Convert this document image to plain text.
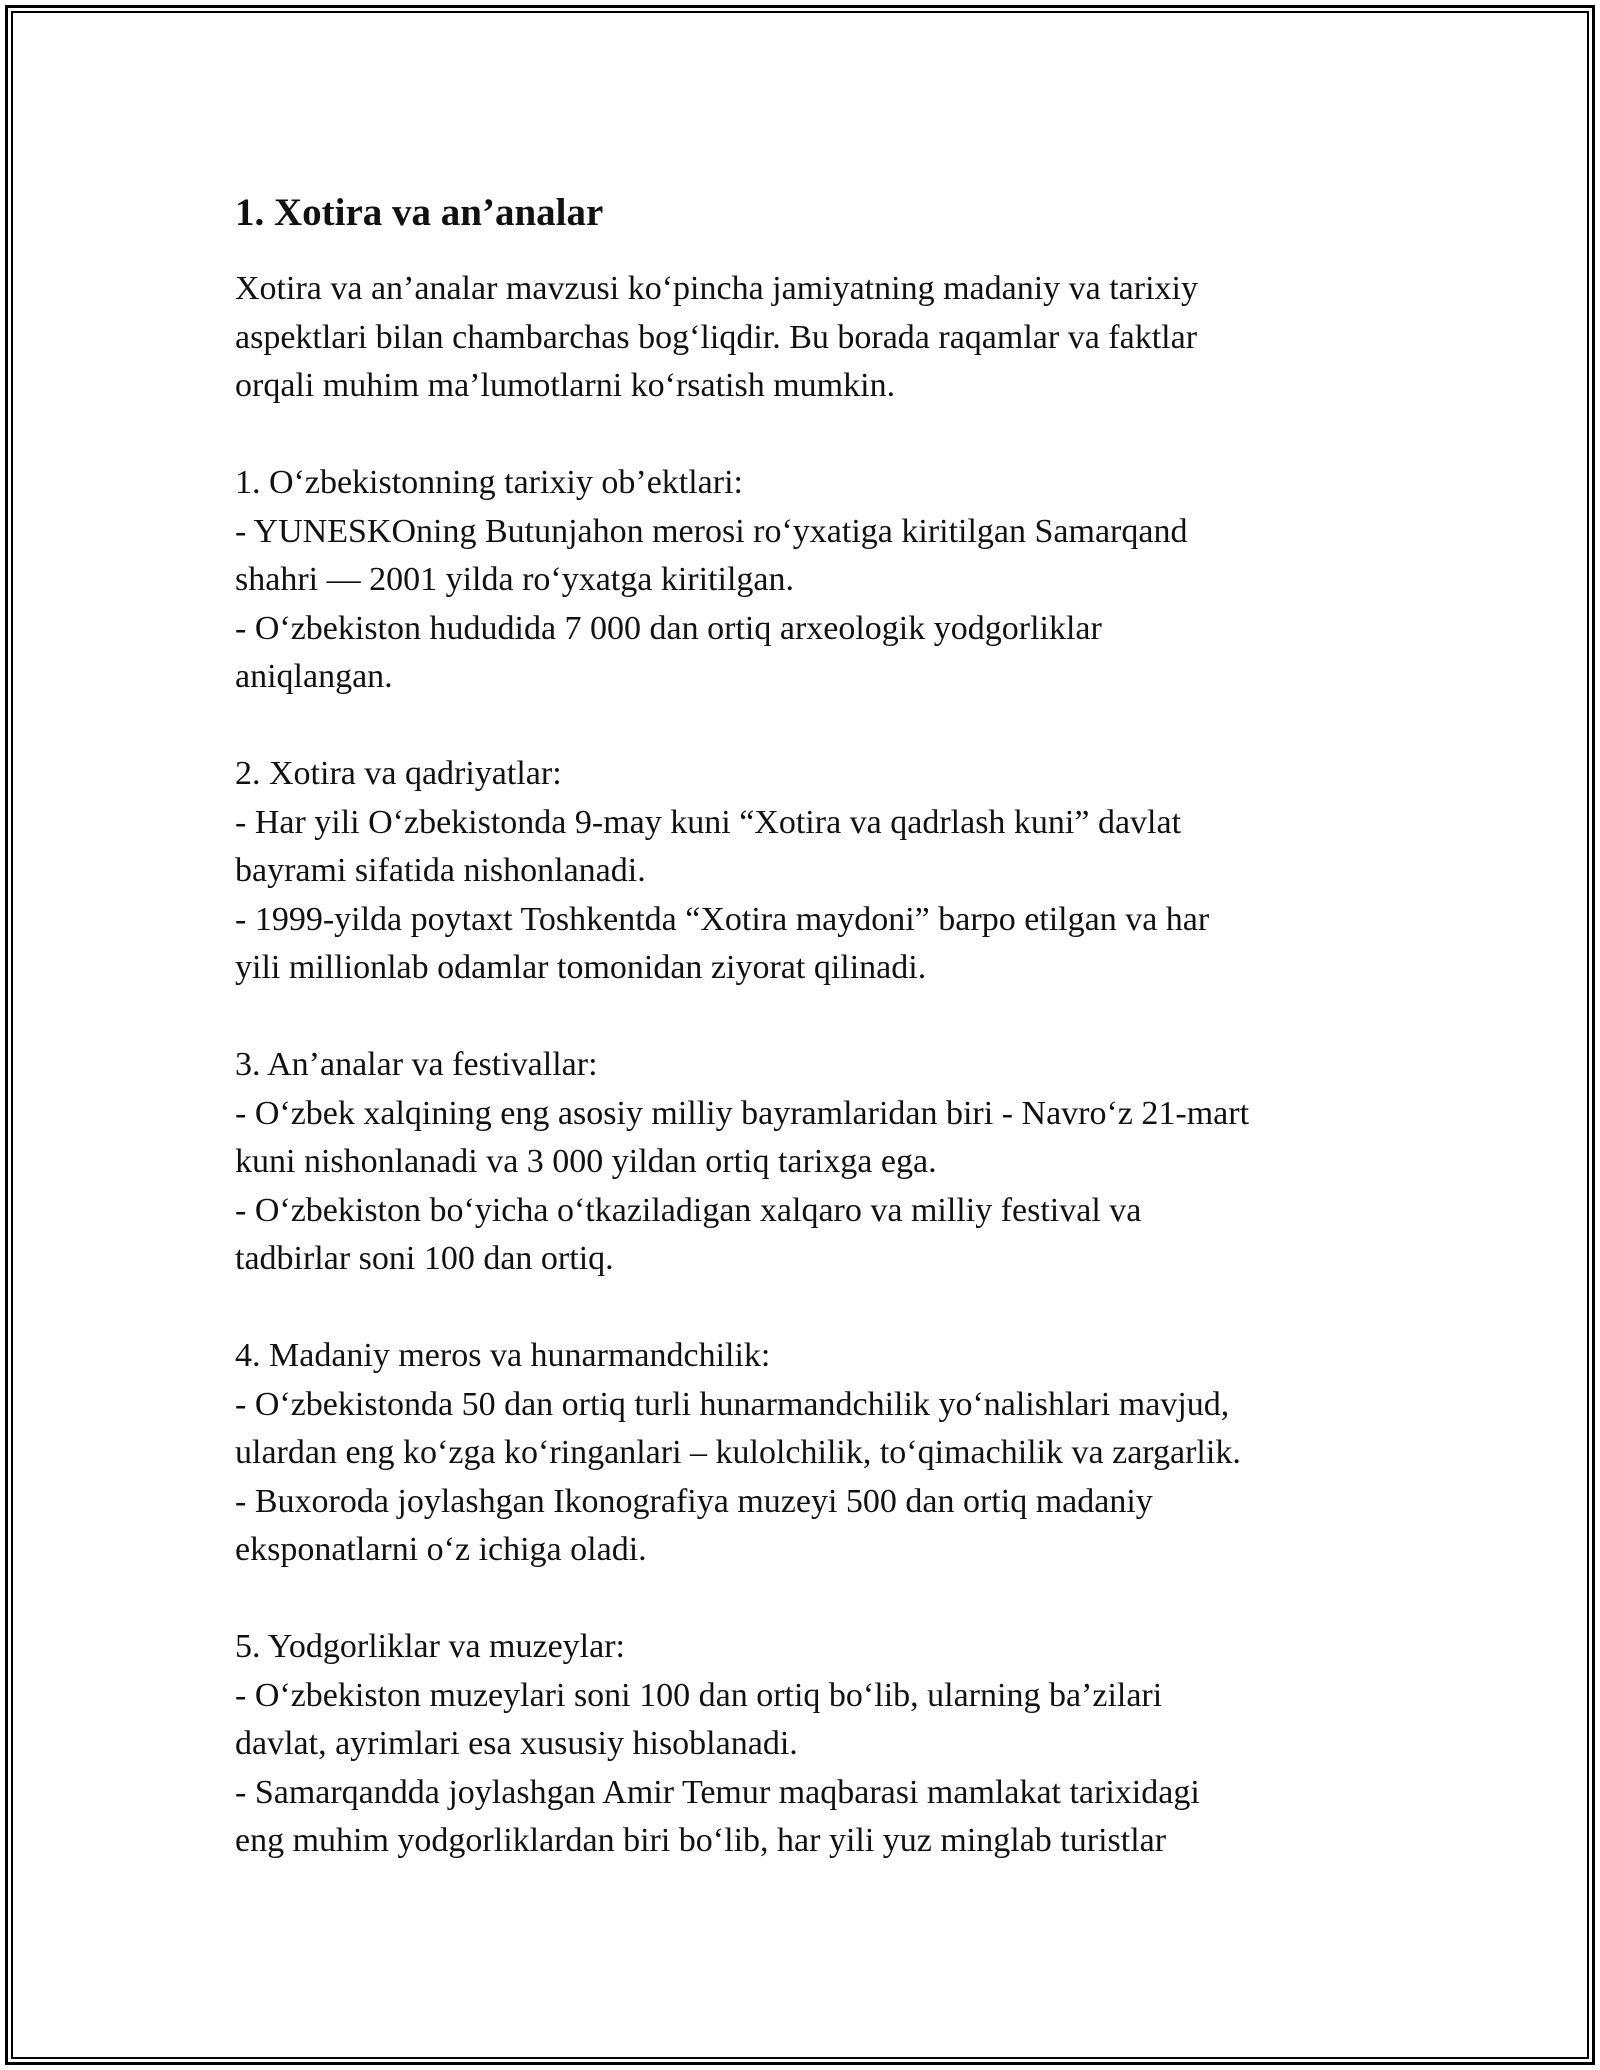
1. Xotira va an’analar

Xotira va an’analar mavzusi ko‘pincha jamiyatning madaniy va tarixiy
aspektlari bilan chambarchas bog‘liqdir. Bu borada raqamlar va faktlar
orqali muhim ma’lumotlarni ko‘rsatish mumkin.

1. O‘zbekistonning tarixiy ob’ektlari:
- YUNESKOning Butunjahon merosi ro‘yxatiga kiritilgan Samarqand
shahri — 2001 yilda ro‘yxatga kiritilgan.
- O‘zbekiston hududida 7 000 dan ortiq arxeologik yodgorliklar
aniqlangan.

2. Xotira va qadriyatlar:
- Har yili O‘zbekistonda 9-may kuni “Xotira va qadrlash kuni” davlat
bayrami sifatida nishonlanadi.
- 1999-yilda poytaxt Toshkentda “Xotira maydoni” barpo etilgan va har
yili millionlab odamlar tomonidan ziyorat qilinadi.

3. An’analar va festivallar:
- O‘zbek xalqining eng asosiy milliy bayramlaridan biri - Navro‘z 21-mart
kuni nishonlanadi va 3 000 yildan ortiq tarixga ega.
- O‘zbekiston bo‘yicha o‘tkaziladigan xalqaro va milliy festival va
tadbirlar soni 100 dan ortiq.

4. Madaniy meros va hunarmandchilik:
- O‘zbekistonda 50 dan ortiq turli hunarmandchilik yo‘nalishlari mavjud,
ulardan eng ko‘zga ko‘ringanlari – kulolchilik, to‘qimachilik va zargarlik.
- Buxoroda joylashgan Ikonografiya muzeyi 500 dan ortiq madaniy
eksponatlarni o‘z ichiga oladi.

5. Yodgorliklar va muzeylar:
- O‘zbekiston muzeylari soni 100 dan ortiq bo‘lib, ularning ba’zilari
davlat, ayrimlari esa xususiy hisoblanadi.
- Samarqandda joylashgan Amir Temur maqbarasi mamlakat tarixidagi
eng muhim yodgorliklardan biri bo‘lib, har yili yuz minglab turistlar
